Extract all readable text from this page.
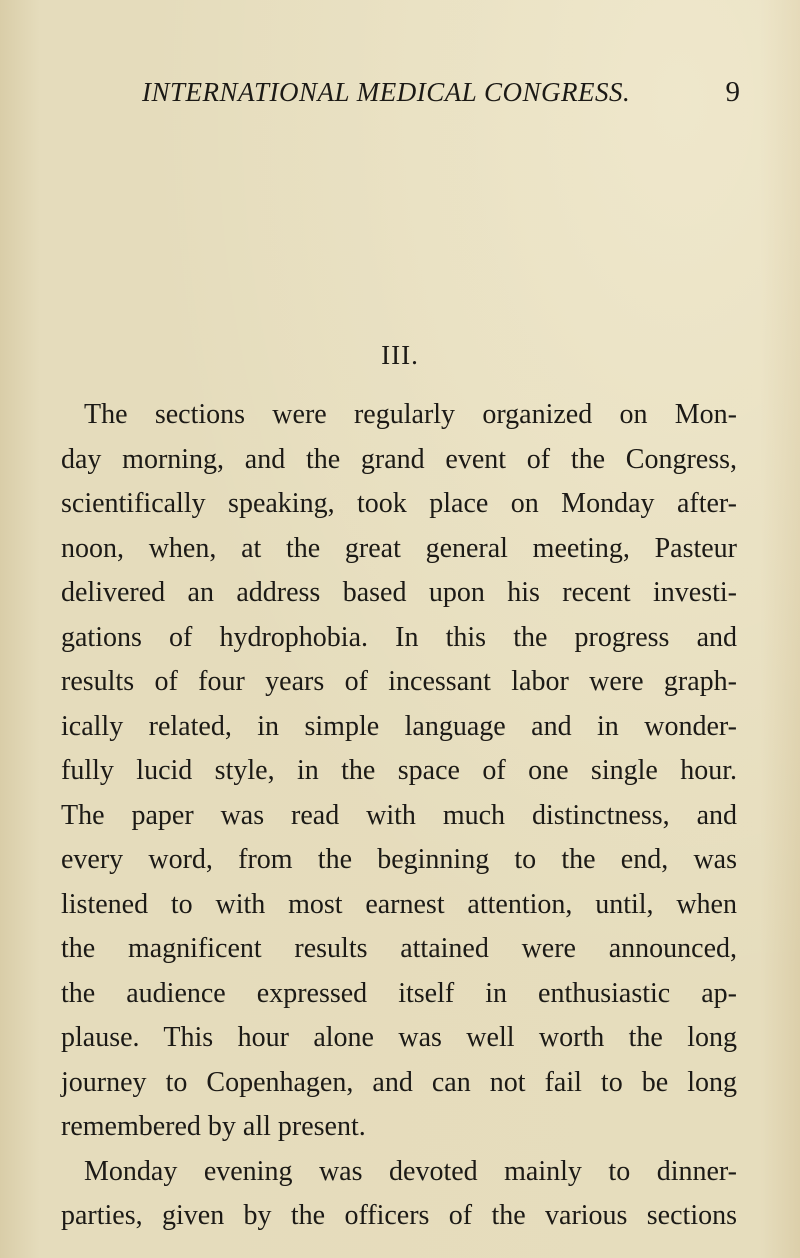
INTERNATIONAL MEDICAL CONGRESS.	9
III.
The sections were regularly organized on Mon-
day morning, and the grand event of the Congress,
scientifically speaking, took place on Monday after-
noon, when, at the great general meeting, Pasteur
delivered an address based upon his recent investi-
gations of hydrophobia. In this the progress and
results of four years of incessant labor were graph-
ically related, in simple language and in wonder-
fully lucid style, in the space of one single hour.
The paper was read with much distinctness, and
every word, from the beginning to the end, was
listened to with most earnest attention, until, when
the magnificent results attained were announced,
the audience expressed itself in enthusiastic ap-
plause. This hour alone was well worth the long
journey to Copenhagen, and can not fail to be long
remembered by all present.
Monday evening was devoted mainly to dinner-
parties, given by the officers of the various sections
